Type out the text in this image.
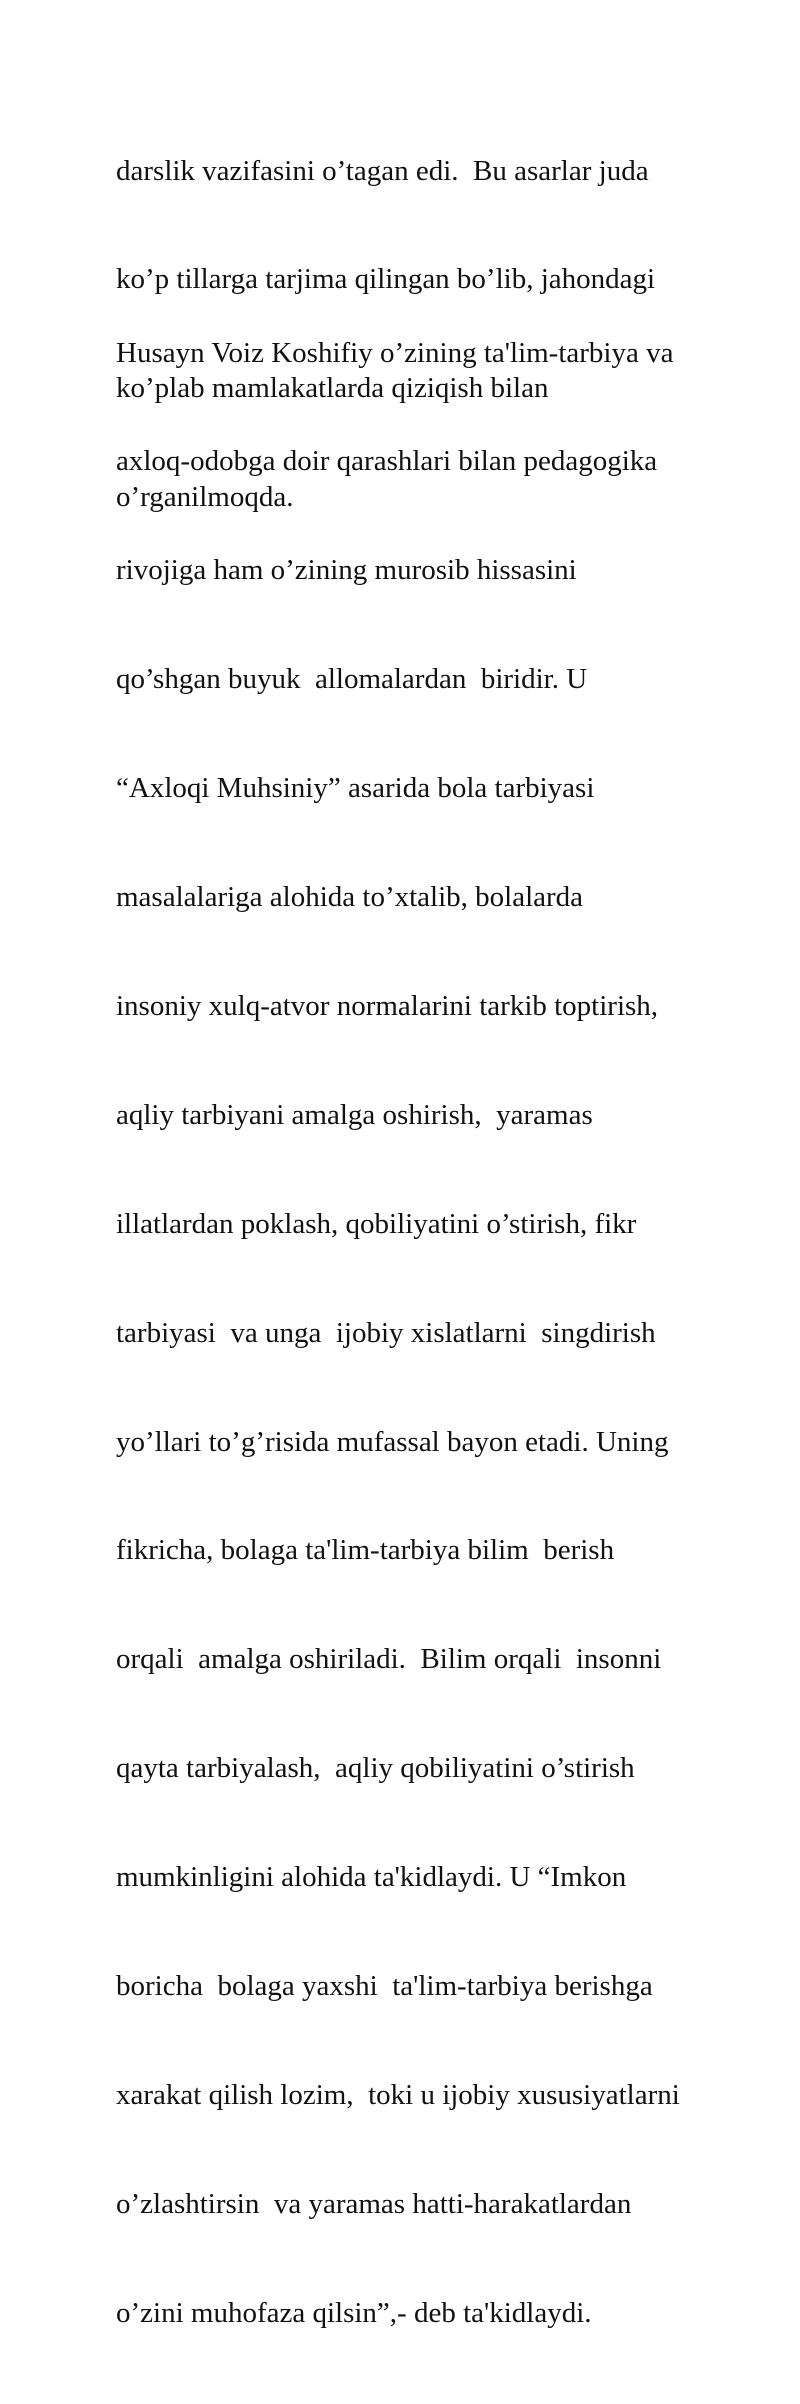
darslik vazifasini o’tagan edi.  Bu asarlar juda

ko’p tillarga tarjima qilingan bo’lib, jahondagi

ko’plab mamlakatlarda qiziqish bilan

o’rganilmoqda.

Husayn Voiz Koshifiy o’zining ta'lim-tarbiya va

axloq-odobga doir qarashlari bilan pedagogika

rivojiga ham o’zining murosib hissasini

qo’shgan buyuk  allomalardan  biridir. U

“Axloqi Muhsiniy” asarida bola tarbiyasi

masalalariga alohida to’xtalib, bolalarda

insoniy xulq-atvor normalarini tarkib toptirish,

aqliy tarbiyani amalga oshirish,  yaramas

illatlardan poklash, qobiliyatini o’stirish, fikr

tarbiyasi  va unga  ijobiy xislatlarni  singdirish

yo’llari to’g’risida mufassal bayon etadi. Uning

fikricha, bolaga ta'lim-tarbiya bilim  berish

orqali  amalga oshiriladi.  Bilim orqali  insonni

qayta tarbiyalash,  aqliy qobiliyatini o’stirish

mumkinligini alohida ta'kidlaydi. U “Imkon

boricha  bolaga yaxshi  ta'lim-tarbiya berishga

xarakat qilish lozim,  toki u ijobiy xususiyatlarni

o’zlashtirsin  va yaramas hatti-harakatlardan

o’zini muhofaza qilsin”,- deb ta'kidlaydi.
